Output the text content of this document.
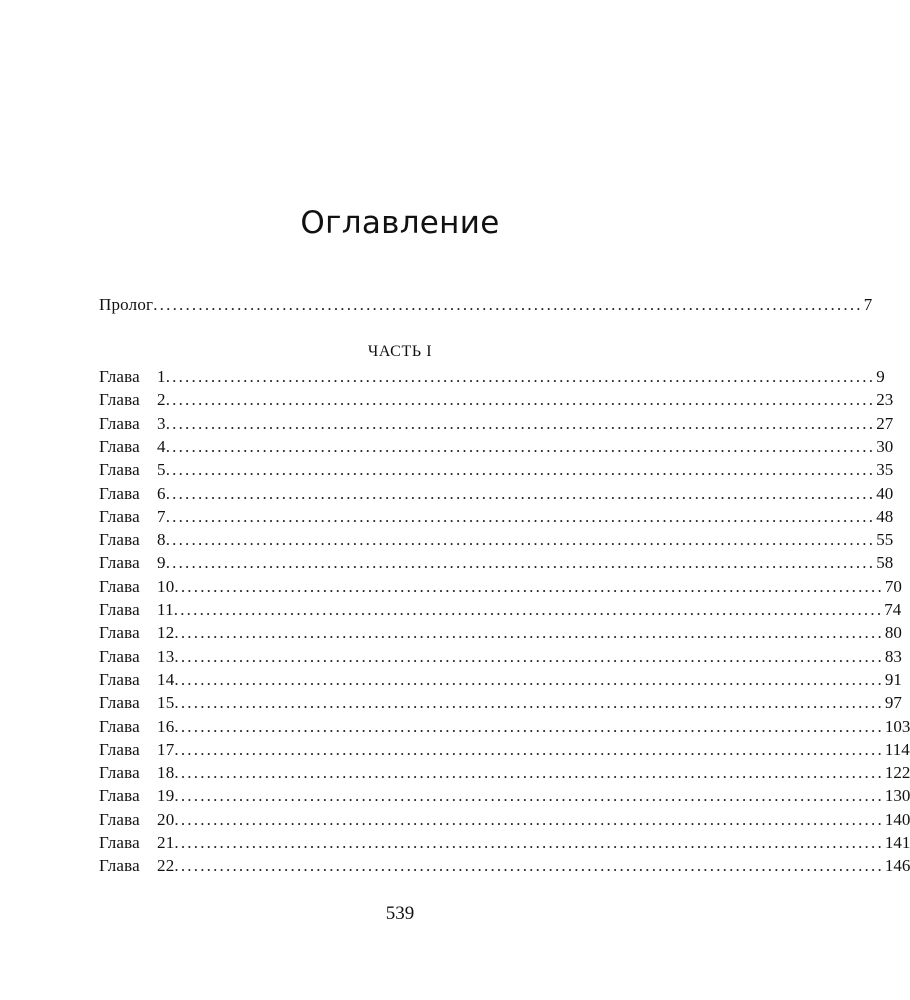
Оглавление
Пролог .............................................................................................................. 7
ЧАСТЬ I
Глава 1 .............................................................................................................. 9
Глава 2 .............................................................................................................. 23
Глава 3 .............................................................................................................. 27
Глава 4 .............................................................................................................. 30
Глава 5 .............................................................................................................. 35
Глава 6 .............................................................................................................. 40
Глава 7 .............................................................................................................. 48
Глава 8 .............................................................................................................. 55
Глава 9 .............................................................................................................. 58
Глава 10 .............................................................................................................. 70
Глава 11 .............................................................................................................. 74
Глава 12 .............................................................................................................. 80
Глава 13 .............................................................................................................. 83
Глава 14 .............................................................................................................. 91
Глава 15 .............................................................................................................. 97
Глава 16 .............................................................................................................. 103
Глава 17 .............................................................................................................. 114
Глава 18 .............................................................................................................. 122
Глава 19 .............................................................................................................. 130
Глава 20 .............................................................................................................. 140
Глава 21 .............................................................................................................. 141
Глава 22 .............................................................................................................. 146
539
